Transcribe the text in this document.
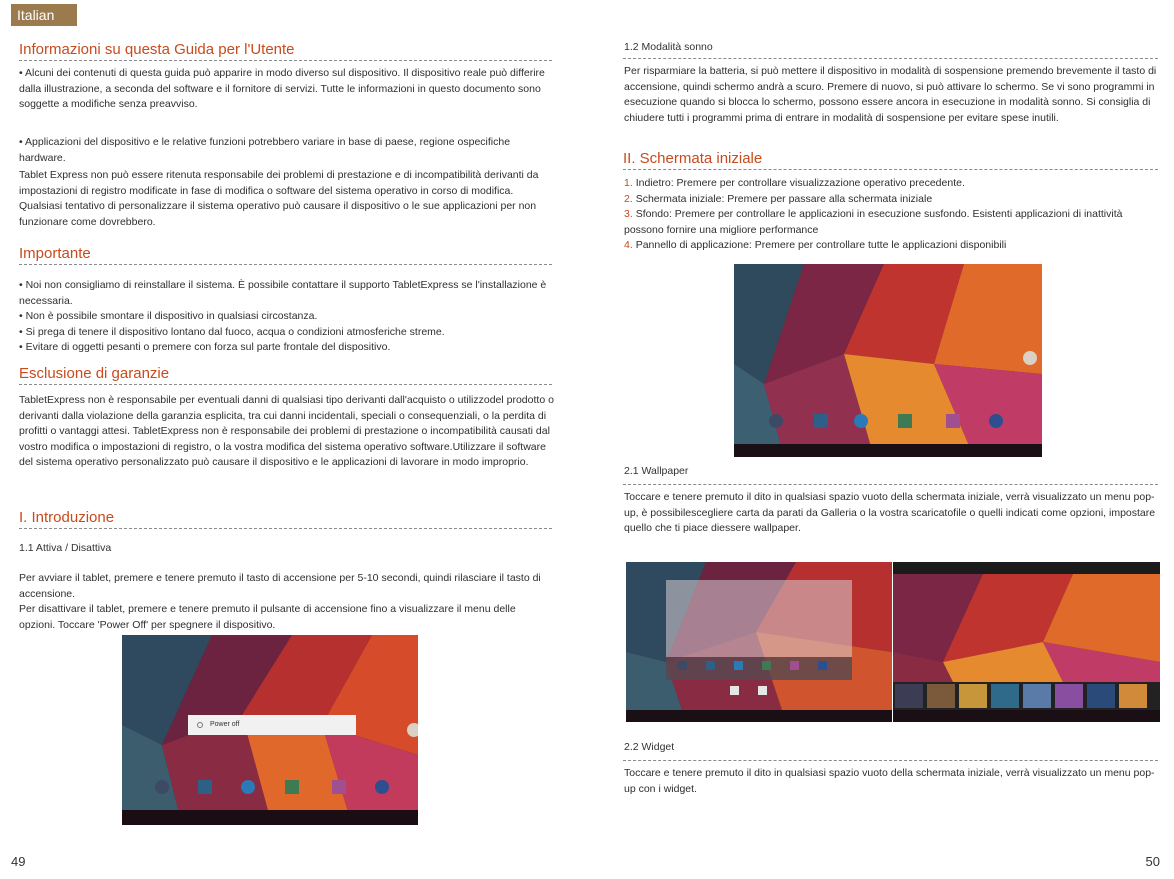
Italian
Informazioni su questa Guida per l'Utente
• Alcuni dei contenuti di questa guida può apparire in modo diverso sul dispositivo. Il dispositivo reale può differire dalla illustrazione, a seconda del software e il fornitore di servizi. Tutte le informazioni in questo documento sono soggette a modifiche senza preavviso.
• Applicazioni del dispositivo e le relative funzioni potrebbero variare in base di paese, regione ospecifiche hardware.
Tablet Express non può essere ritenuta responsabile dei problemi di prestazione e di incompatibilità derivanti da impostazioni di registro modificate in fase di modifica o software del sistema operativo in corso di modifica. Qualsiasi tentativo di personalizzare il sistema operativo può causare il dispositivo o le sue applicazioni per non funzionare come dovrebbero.
Importante

• Noi non consigliamo di reinstallare il sistema. È possibile contattare il supporto TabletExpress se l'installazione è necessaria.

• Non è possibile smontare il dispositivo in qualsiasi circostanza.

• Si prega di tenere il dispositivo lontano dal fuoco, acqua o condizioni atmosferiche streme.

• Evitare di oggetti pesanti o premere con forza sul parte frontale del dispositivo.

Esclusione di garanzie
TabletExpress non è responsabile per eventuali danni di qualsiasi tipo derivanti dall'acquisto o utilizzodel prodotto o derivanti dalla violazione della garanzia esplicita, tra cui danni incidentali, speciali o consequenziali, o la perdita di profitti o vantaggi attesi. TabletExpress non è responsabile dei problemi di prestazione o incompatibilità causati dal vostro modifica o impostazioni di registro, o la vostra modifica del sistema operativo software.Utilizzare il software del sistema operativo personalizzato può causare il dispositivo e le applicazioni di lavorare in modo improprio.
I. Introduzione
1.1 Attiva / Disattiva
Per avviare il tablet, premere e tenere premuto il tasto di accensione per 5-10 secondi, quindi rilasciare il tasto di accensione.
Per disattivare il tablet, premere e tenere premuto il pulsante di accensione fino a visualizzare il menu delle opzioni. Toccare 'Power Off' per spegnere il dispositivo.
Power off
49
1.2 Modalità sonno
Per risparmiare la batteria, si può mettere il dispositivo in modalità di sospensione premendo brevemente il tasto di accensione, quindi schermo andrà a scuro. Premere di nuovo, si può attivare lo schermo. Se vi sono programmi in esecuzione quando si blocca lo schermo, possono essere ancora in esecuzione in modalità sonno. Si consiglia di chiudere tutti i programmi prima di entrare in modalità di sospensione per evitare spese inutili.
II. Schermata iniziale

1. Indietro: Premere per controllare visualizzazione operativo precedente.

2. Schermata iniziale: Premere per passare alla schermata iniziale

3. Sfondo: Premere per controllare le applicazioni in esecuzione susfondo. Esistenti applicazioni di inattività possono fornire una migliore performance

4. Pannello di applicazione: Premere per controllare tutte le applicazioni disponibili

2.1 Wallpaper
Toccare e tenere premuto il dito in qualsiasi spazio vuoto della schermata iniziale, verrà visualizzato un menu pop-up, è possibilescegliere carta da parati da Galleria o la vostra scaricatofile o quelli indicati come opzioni, impostare quello che ti piace diessere wallpaper.
2.2 Widget
Toccare e tenere premuto il dito in qualsiasi spazio vuoto della schermata iniziale, verrà visualizzato un menu pop-up con i widget.
50
